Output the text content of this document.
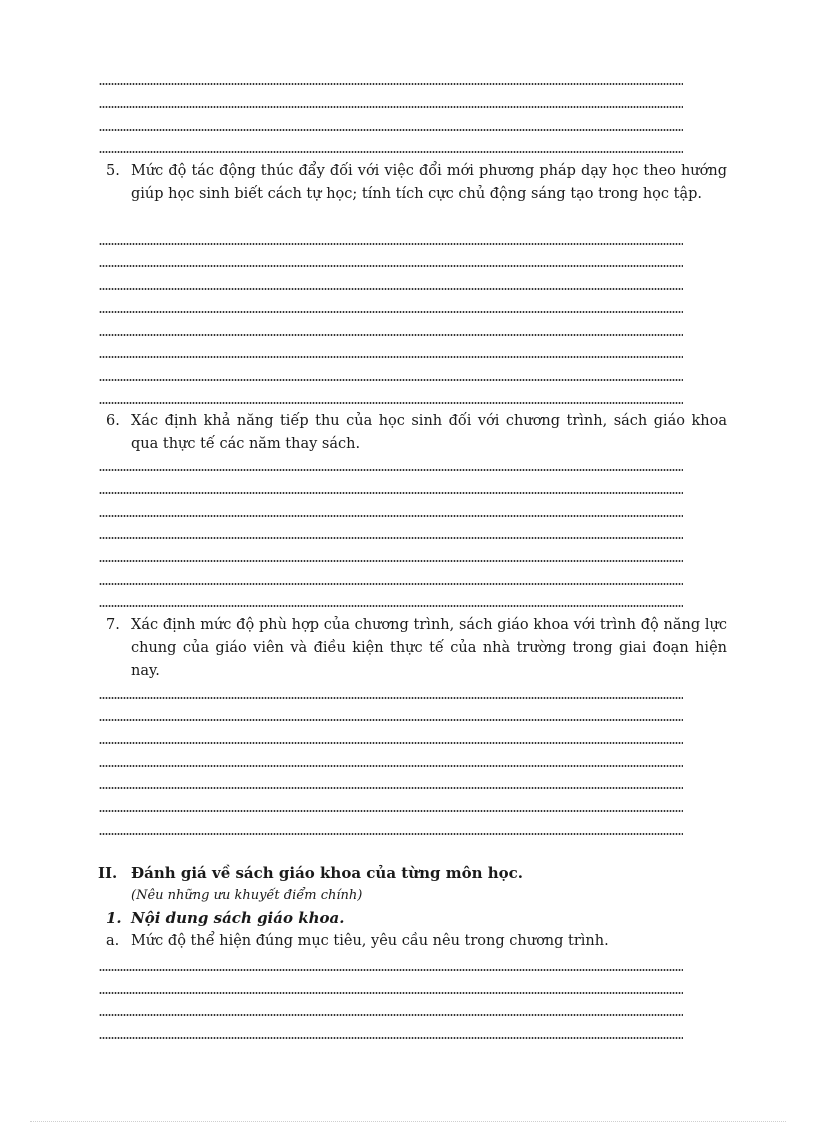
5. Mức độ tác động thúc đẩy đối với việc đổi mới phương pháp dạy học theo hướng giúp học sinh biết cách tự học; tính tích cực chủ động sáng tạo trong học tập.
6. Xác định khả năng tiếp thu của học sinh đối với chương trình, sách giáo khoa qua thực tế các năm thay sách.
7. Xác định mức độ phù hợp của chương trình, sách giáo khoa với trình độ năng lực chung của giáo viên và điều kiện thực tế của nhà trường trong giai đoạn hiện nay.
II. Đánh giá về sách giáo khoa của từng môn học.
(Nêu những ưu khuyết điểm chính)
1. Nội dung sách giáo khoa.
a. Mức độ thể hiện đúng mục tiêu, yêu cầu nêu trong chương trình.
